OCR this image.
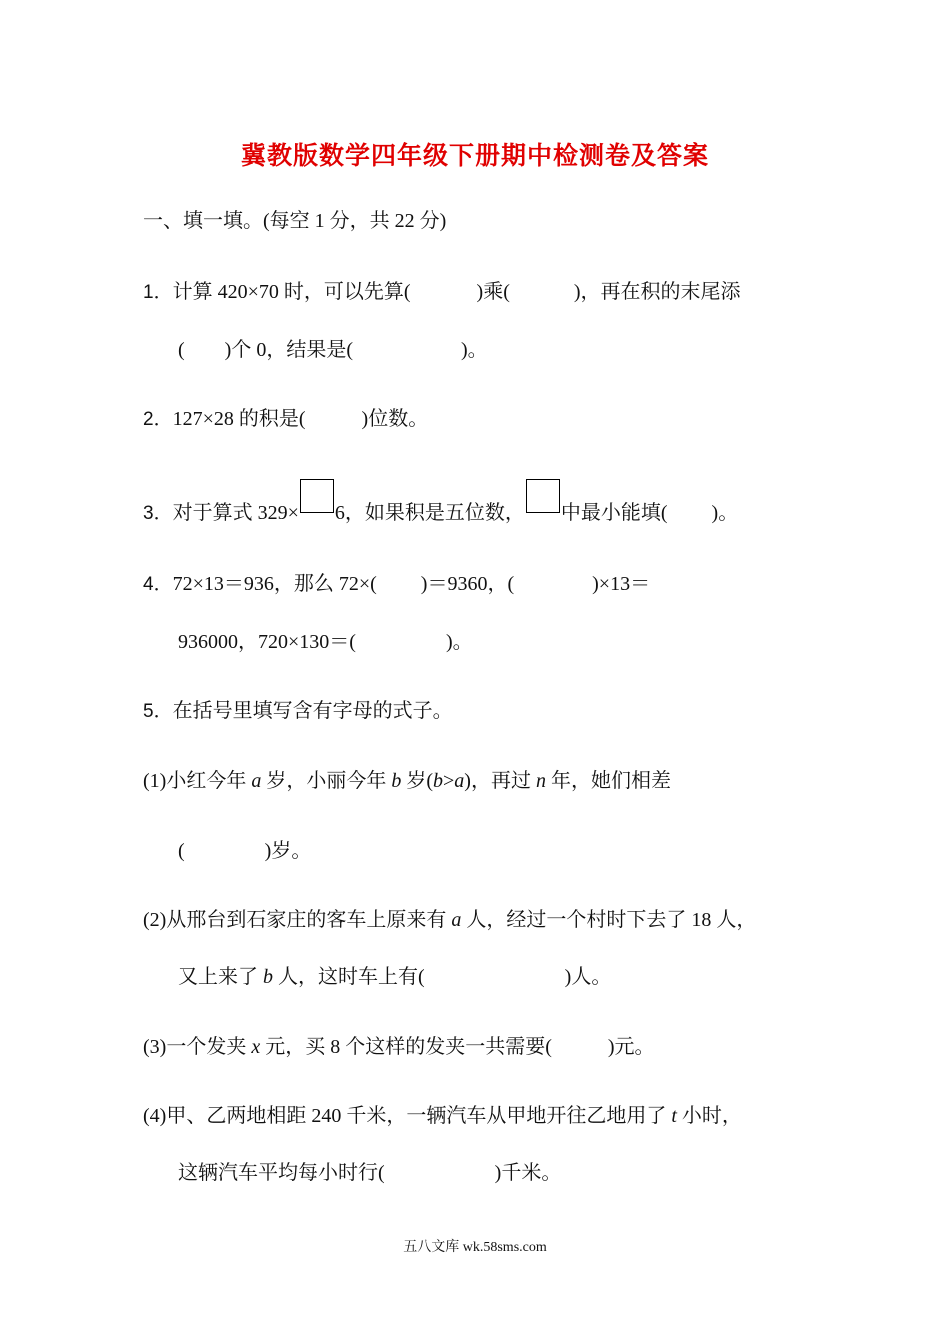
冀教版数学四年级下册期中检测卷及答案
一、填一填。(每空 1 分，共 22 分)
1．计算 420×70 时，可以先算(	)乘(	)，再在积的末尾添
( )个 0，结果是(	)。
2．127×28 的积是(	)位数。
3．对于算式 329× 6，如果积是五位数， 中最小能填( )。
4．72×13＝936，那么 72×( )＝9360，(	)×13＝
936000，720×130＝(	)。
5．在括号里填写含有字母的式子。
(1)小红今年 a 岁，小丽今年 b 岁(b>a)，再过 n 年，她们相差
(	)岁。
(2)从邢台到石家庄的客车上原来有 a 人，经过一个村时下去了 18 人，
又上来了 b 人，这时车上有(	)人。
(3)一个发夹 x 元，买 8 个这样的发夹一共需要(	)元。
(4)甲、乙两地相距 240 千米，一辆汽车从甲地开往乙地用了 t 小时，
这辆汽车平均每小时行(	)千米。
五八文库 wk.58sms.com
